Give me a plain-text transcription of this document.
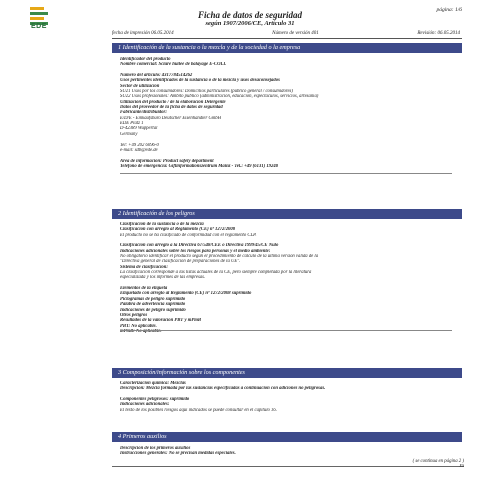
EDE
página: 1/6
Ficha de datos de seguridad
según 1907/2006/CE, Artículo 31
fecha de impresión 06.05.2014	Número de versión 401	Revisión: 06.05.2014
1 Identificación de la sustancia o la mezcla y de la sociedad o la empresa
Identificador del producto
Nombre comercial: Sciure huilée de balayage E-COLL

Número del artículo: 4317784514262
Usos pertinentes identificados de la sustancia o de la mezcla y usos desaconsejados
Sector de utilización
SU21 Usos por los consumidores: Domicilios particulares (público general / consumidores)
SU22 Usos profesionales: Ámbito público (administración, educación, espectáculos, servicios, artesanía)
Utilización del producto / de la elaboración Detergente
Datos del proveedor de la ficha de datos de seguridad
Fabricante/distribuidor:
E/D/E - Einkaufsbüro Deutscher Eisenhändler GmbH
EDE Platz 1
D-42389 Wuppertal
Germany

Tel: +49 202 6096-0
e-mail: sdb@ede.de

Área de información: Product safety department
Teléfono de emergencia: Giftinformationszentrum Mainz - Tel.: +49 (6131) 19240
2 Identificación de los peligros
Clasificación de la sustancia o de la mezcla
Clasificación con arreglo al Reglamento (CE) nº 1272/2008
El producto no se ha clasificado de conformidad con el reglamento CLP.

Clasificación con arreglo a la Directiva 67/548/CEE o Directiva 1999/45/CE Nulo
Indicaciones adicionales sobre los riesgos para personas y el medio ambiente:
No obligatorio identificar el producto según el procedimiento de cálculo de la última versión válida de la
"Directiva general de clasificación de preparaciones de la UE".
Sistema de clasificación:
La clasificación corresponde a las listas actuales de la CE, pero siempre completada por la literatura
especializada y los informes de las empresas.

Elementos de la etiqueta
Etiquetado con arreglo al Reglamento (CE) nº 1272/2008 suprimido
Pictogramas de peligro suprimido
Palabra de advertencia suprimido
Indicaciones de peligro suprimido
Otros peligros
Resultados de la valoración PBT y mPmB
PBT: No aplicable.
mPmB: No aplicable.
3 Composición/información sobre los componentes
Caracterización química: Mezclas
Descripción: Mezcla formada por las sustancias especificadas a continuación con adiciones no peligrosas.

Componentes peligrosos: suprimido
Indicaciones adicionales:
El texto de los posibles riesgos aquí indicados se puede consultar en el capítulo 16.
4 Primeros auxilios
Descripción de los primeros auxilios
Instrucciones generales: No se precisan medidas especiales.
( se continua en página 2 )
ES
